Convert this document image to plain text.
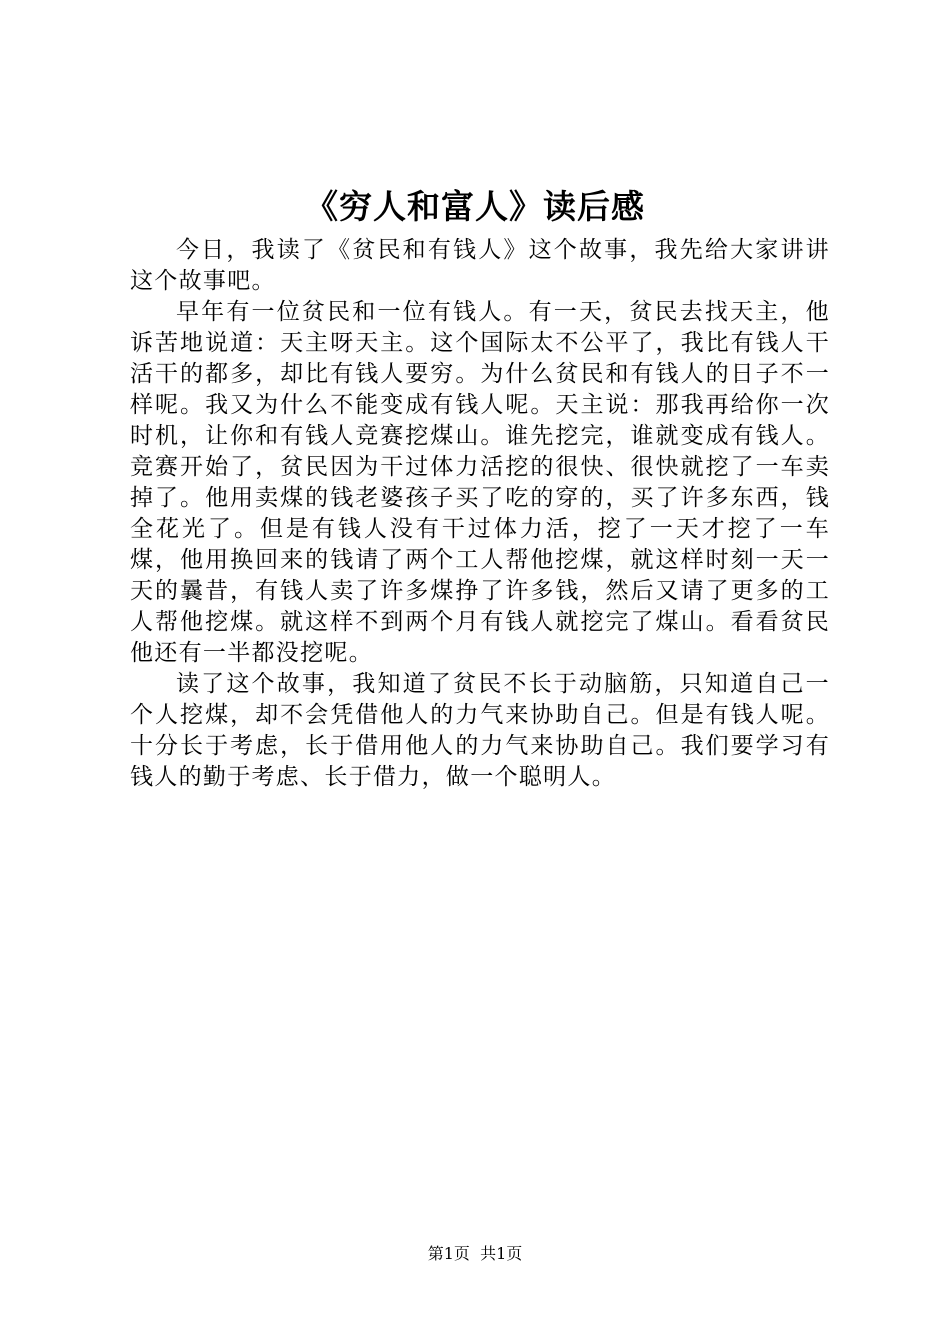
《穷人和富人》读后感

今日，我读了《贫民和有钱人》这个故事，我先给大家讲讲这个故事吧。

早年有一位贫民和一位有钱人。有一天，贫民去找天主，他诉苦地说道：天主呀天主。这个国际太不公平了，我比有钱人干活干的都多，却比有钱人要穷。为什么贫民和有钱人的日子不一样呢。我又为什么不能变成有钱人呢。天主说：那我再给你一次时机，让你和有钱人竞赛挖煤山。谁先挖完，谁就变成有钱人。竞赛开始了，贫民因为干过体力活挖的很快、很快就挖了一车卖掉了。他用卖煤的钱老婆孩子买了吃的穿的，买了许多东西，钱全花光了。但是有钱人没有干过体力活，挖了一天才挖了一车煤，他用换回来的钱请了两个工人帮他挖煤，就这样时刻一天一天的曩昔，有钱人卖了许多煤挣了许多钱，然后又请了更多的工人帮他挖煤。就这样不到两个月有钱人就挖完了煤山。看看贫民他还有一半都没挖呢。

读了这个故事，我知道了贫民不长于动脑筋，只知道自己一个人挖煤，却不会凭借他人的力气来协助自己。但是有钱人呢。十分长于考虑，长于借用他人的力气来协助自己。我们要学习有钱人的勤于考虑、长于借力，做一个聪明人。

第1页  共1页
